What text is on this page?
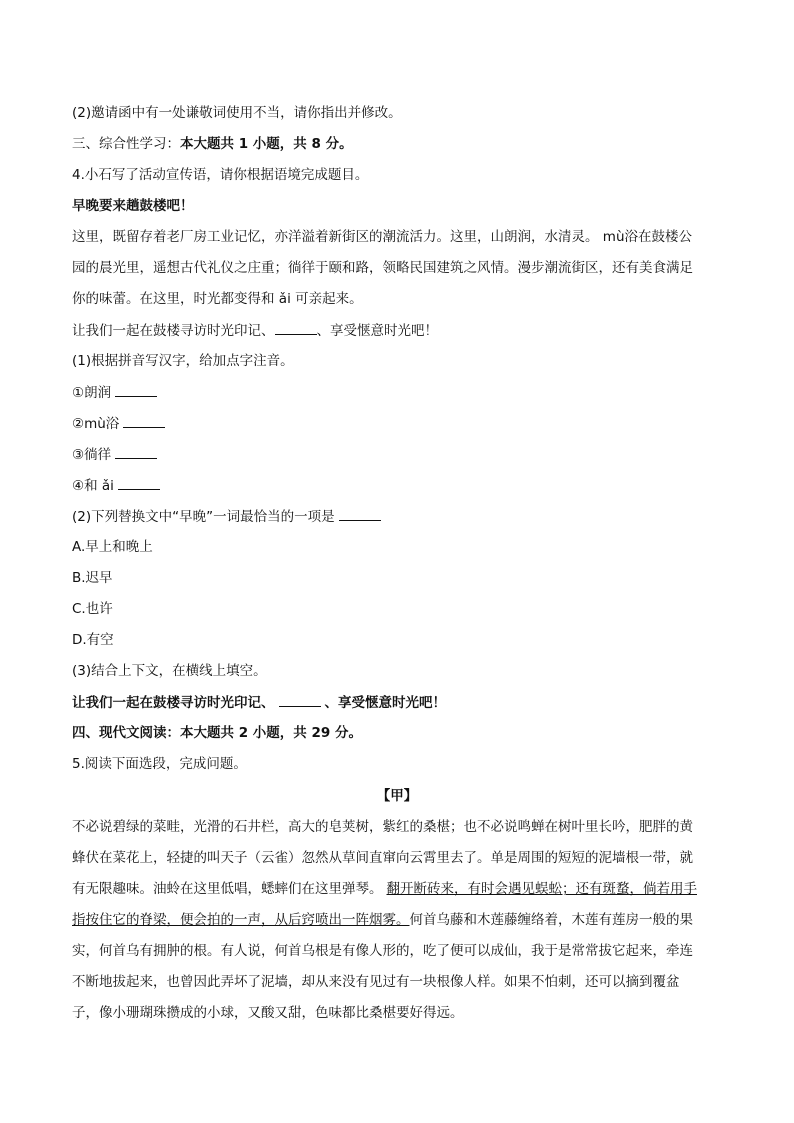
(2)邀请函中有一处谦敬词使用不当，请你指出并修改。
三、综合性学习：本大题共 1 小题，共 8 分。
4.小石写了活动宣传语，请你根据语境完成题目。
早晚要来趟鼓楼吧！
这里，既留存着老厂房工业记忆，亦洋溢着新街区的潮流活力。这里，山朗润，水清灵。 mù浴在鼓楼公
园的晨光里，遥想古代礼仪之庄重；徜徉于颐和路，领略民国建筑之风情。漫步潮流街区，还有美食满足
你的味蕾。在这里，时光都变得和 ǎi 可亲起来。
让我们一起在鼓楼寻访时光印记、	、享受惬意时光吧！
(1)根据拼音写汉字，给加点字注音。
①朗润
②mù浴
③徜徉
④和 ǎi
(2)下列替换文中“早晚”一词最恰当的一项是
A.早上和晚上
B.迟早
C.也许
D.有空
(3)结合上下文，在横线上填空。
让我们一起在鼓楼寻访时光印记、	、享受惬意时光吧！
四、现代文阅读：本大题共 2 小题，共 29 分。
5.阅读下面选段，完成问题。
【甲】
不必说碧绿的菜畦，光滑的石井栏，高大的皂荚树，紫红的桑椹；也不必说鸣蝉在树叶里长吟，肥胖的黄
蜂伏在菜花上，轻捷的叫天子（云雀）忽然从草间直窜向云霄里去了。单是周围的短短的泥墙根一带，就
有无限趣味。油蛉在这里低唱，蟋蟀们在这里弹琴。 翻开断砖来，有时会遇见蜈蚣；还有斑蝥，倘若用手
指按住它的脊梁，便会拍的一声，从后窍喷出一阵烟雾。何首乌藤和木莲藤缠络着，木莲有莲房一般的果
实，何首乌有拥肿的根。有人说，何首乌根是有像人形的，吃了便可以成仙，我于是常常拔它起来，牵连
不断地拔起来，也曾因此弄坏了泥墙，却从来没有见过有一块根像人样。如果不怕刺，还可以摘到覆盆
子，像小珊瑚珠攒成的小球，又酸又甜，色味都比桑椹要好得远。
